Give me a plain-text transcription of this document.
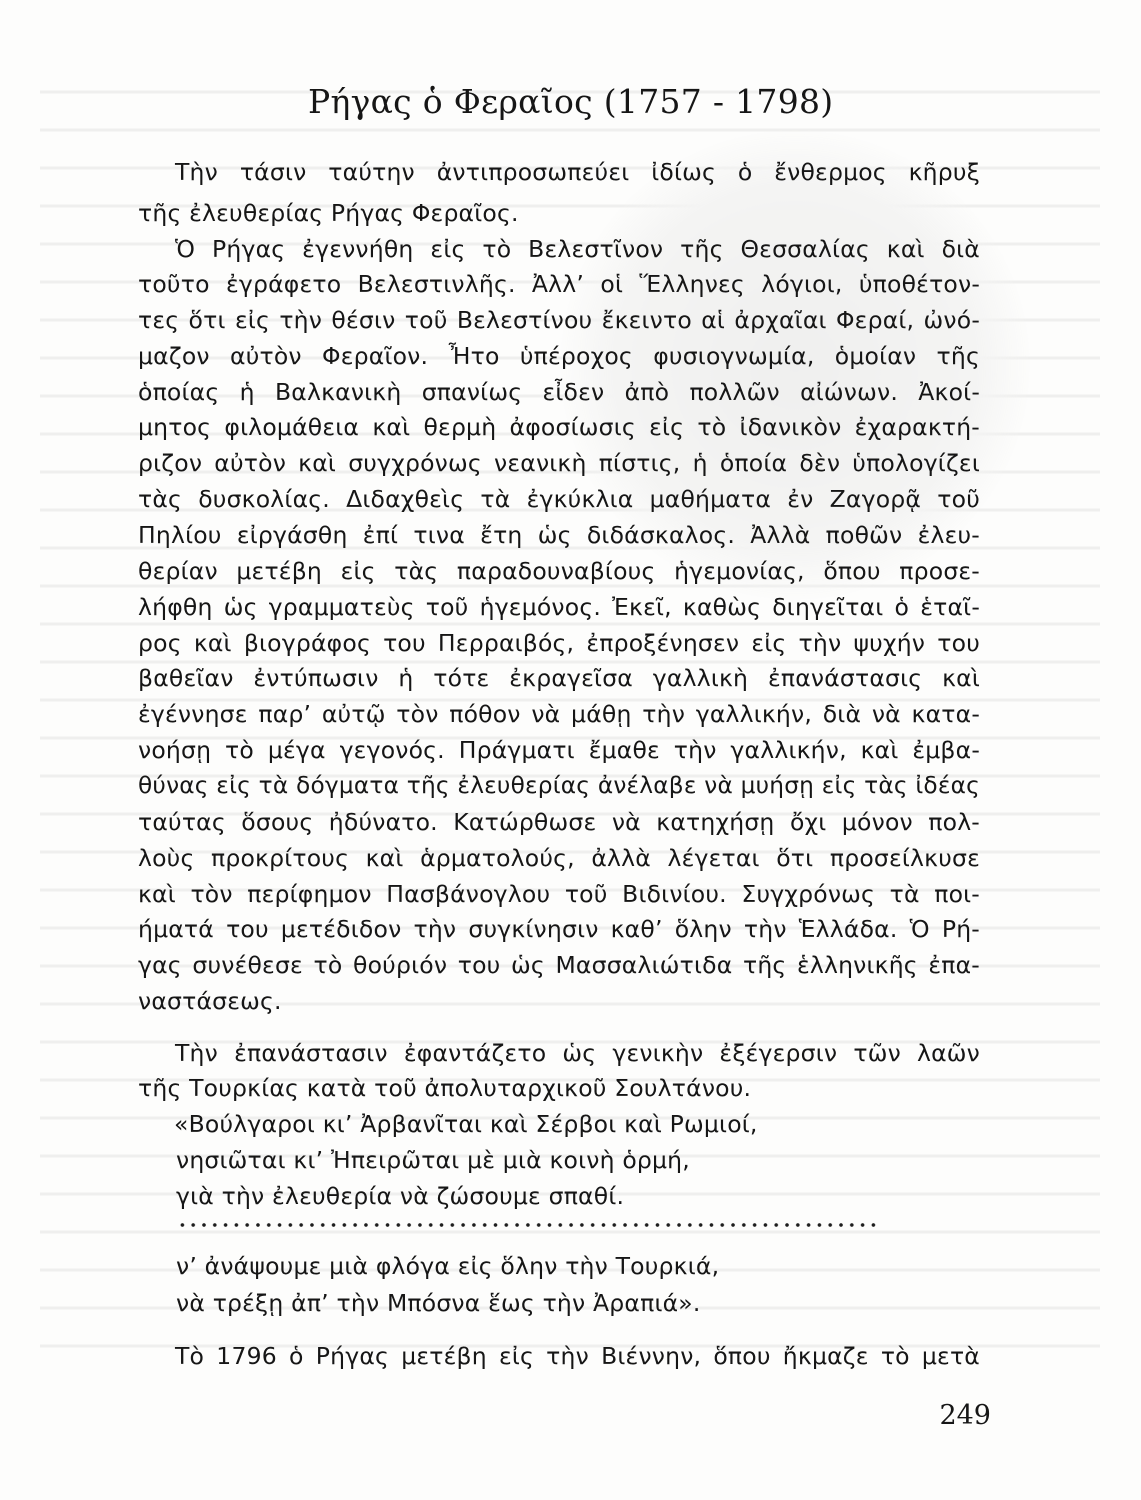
Ρήγας ὁ Φεραῖος (1757 - 1798)
Τὴν τάσιν ταύτην ἀντιπροσωπεύει ἰδίως ὁ ἔνθερμος κῆρυξ
τῆς ἐλευθερίας Ρήγας Φεραῖος.
Ὁ Ρήγας ἐγεννήθη εἰς τὸ Βελεστῖνον τῆς Θεσσαλίας καὶ διὰ
τοῦτο ἐγράφετο Βελεστινλῆς. Ἀλλ’ οἱ Ἕλληνες λόγιοι, ὑποθέτον-
τες ὅτι εἰς τὴν θέσιν τοῦ Βελεστίνου ἔκειντο αἱ ἀρχαῖαι Φεραί, ὠνό-
μαζον αὐτὸν Φεραῖον. Ἦτο ὑπέροχος φυσιογνωμία, ὁμοίαν τῆς
ὁποίας ἡ Βαλκανικὴ σπανίως εἶδεν ἀπὸ πολλῶν αἰώνων. Ἀκοί-
μητος φιλομάθεια καὶ θερμὴ ἀφοσίωσις εἰς τὸ ἰδανικὸν ἐχαρακτή-
ριζον αὐτὸν καὶ συγχρόνως νεανικὴ πίστις, ἡ ὁποία δὲν ὑπολογίζει
τὰς δυσκολίας. Διδαχθεὶς τὰ ἐγκύκλια μαθήματα ἐν Ζαγορᾷ τοῦ
Πηλίου εἰργάσθη ἐπί τινα ἔτη ὡς διδάσκαλος. Ἀλλὰ ποθῶν ἐλευ-
θερίαν μετέβη εἰς τὰς παραδουναβίους ἡγεμονίας, ὅπου προσε-
λήφθη ὡς γραμματεὺς τοῦ ἡγεμόνος. Ἐκεῖ, καθὼς διηγεῖται ὁ ἑταῖ-
ρος καὶ βιογράφος του Περραιβός, ἐπροξένησεν εἰς τὴν ψυχήν του
βαθεῖαν ἐντύπωσιν ἡ τότε ἐκραγεῖσα γαλλικὴ ἐπανάστασις καὶ
ἐγέννησε παρ’ αὐτῷ τὸν πόθον νὰ μάθῃ τὴν γαλλικήν, διὰ νὰ κατα-
νοήσῃ τὸ μέγα γεγονός. Πράγματι ἔμαθε τὴν γαλλικήν, καὶ ἐμβα-
θύνας εἰς τὰ δόγματα τῆς ἐλευθερίας ἀνέλαβε νὰ μυήσῃ εἰς τὰς ἰδέας
ταύτας ὅσους ἠδύνατο. Κατώρθωσε νὰ κατηχήσῃ ὄχι μόνον πολ-
λοὺς προκρίτους καὶ ἁρματολούς, ἀλλὰ λέγεται ὅτι προσείλκυσε
καὶ τὸν περίφημον Πασβάνογλου τοῦ Βιδινίου. Συγχρόνως τὰ ποι-
ήματά του μετέδιδον τὴν συγκίνησιν καθ’ ὅλην τὴν Ἑλλάδα. Ὁ Ρή-
γας συνέθεσε τὸ θούριόν του ὡς Μασσαλιώτιδα τῆς ἑλληνικῆς ἐπα-
ναστάσεως.
Τὴν ἐπανάστασιν ἐφαντάζετο ὡς γενικὴν ἐξέγερσιν τῶν λαῶν
τῆς Τουρκίας κατὰ τοῦ ἀπολυταρχικοῦ Σουλτάνου.
«Βούλγαροι κι’ Ἀρβανῖται καὶ Σέρβοι καὶ Ρωμιοί,
νησιῶται κι’ Ἠπειρῶται μὲ μιὰ κοινὴ ὁρμή,
γιὰ τὴν ἐλευθερία νὰ ζώσουμε σπαθί.
ν’ ἀνάψουμε μιὰ φλόγα εἰς ὅλην τὴν Τουρκιά,
νὰ τρέξῃ ἀπ’ τὴν Μπόσνα ἕως τὴν Ἀραπιά».
Τὸ 1796 ὁ Ρήγας μετέβη εἰς τὴν Βιέννην, ὅπου ἤκμαζε τὸ μετὰ

249
